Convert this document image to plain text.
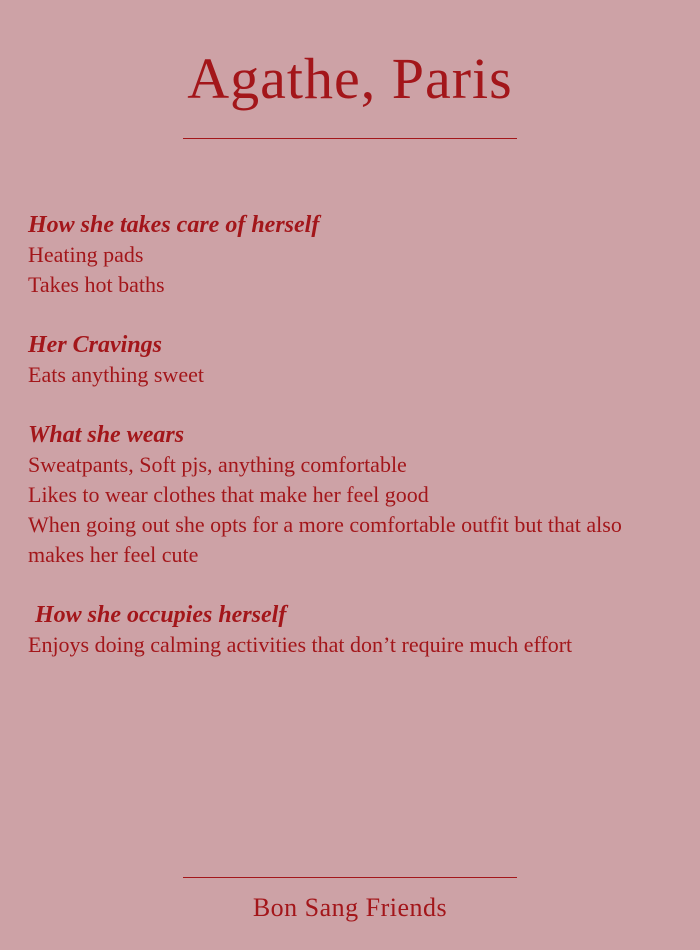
Agathe, Paris
How she takes care of herself

Heating pads

Takes hot baths

Her Cravings

Eats anything sweet

What she wears

Sweatpants, Soft pjs, anything comfortable

Likes to wear clothes that make her feel good

When going out she opts for a more comfortable outfit but that also makes her feel cute

How she occupies herself

Enjoys doing calming activities that don’t require much effort

Bon Sang Friends
